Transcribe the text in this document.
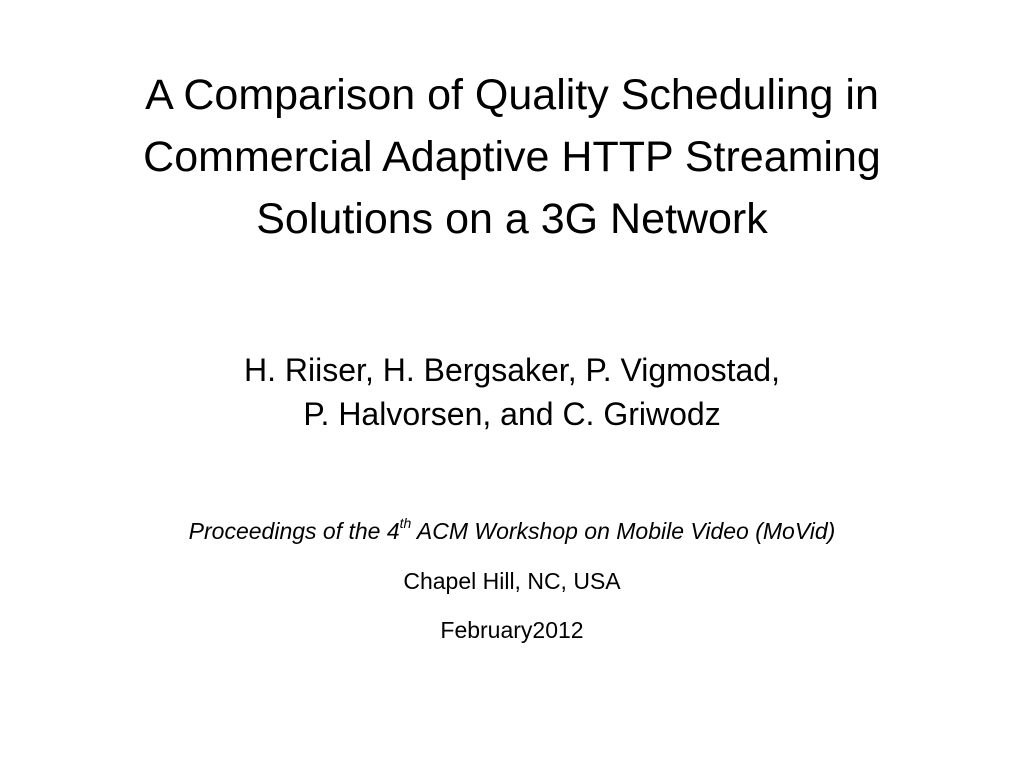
A Comparison of Quality Scheduling in
Commercial Adaptive HTTP Streaming
Solutions on a 3G Network
H. Riiser, H. Bergsaker, P. Vigmostad,
P. Halvorsen, and C. Griwodz
Proceedings of the 4th ACM Workshop on Mobile Video (MoVid)
Chapel Hill, NC, USA
February2012
